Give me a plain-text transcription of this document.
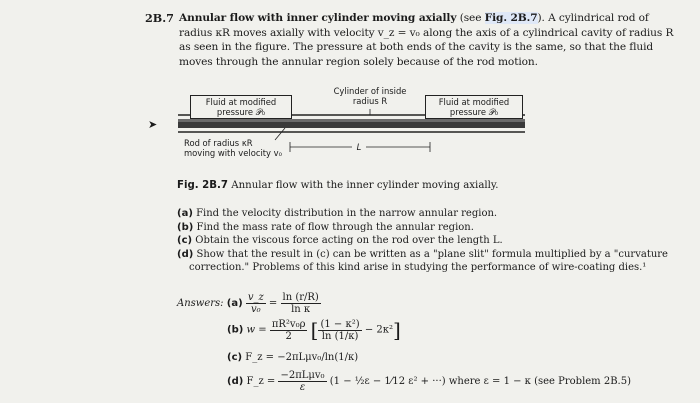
2B.7 Annular flow with inner cylinder moving axially (see Fig. 2B.7). A cylindrical rod of radius κR moves axially with velocity v_z = v₀ along the axis of a cylindrical cavity of radius R as seen in the figure. The pressure at both ends of the cavity is the same, so that the fluid moves through the annular region solely because of the rod motion.
➤
Fluid at modified pressure 𝒫₀
Cylinder of inside radius R	Fluid at modified pressure 𝒫₀
Rod of radius κR moving with velocity v₀
L
Fig. 2B.7 Annular flow with the inner cylinder moving axially.
(a) Find the velocity distribution in the narrow annular region.
(b) Find the mass rate of flow through the annular region.
(c) Obtain the viscous force acting on the rod over the length L.
(d) Show that the result in (c) can be written as a "plane slit" formula multiplied by a "curvature correction." Problems of this kind arise in studying the performance of wire-coating dies.¹
Answers: $(a) \frac{v\_z}{\text{v₀}} = \frac{\ln (r/R)}{\text{ln κ}}$
(b) $w = \frac{\text{πR²v₀ρ}}{2}$ [ $\frac{\text{(1 − κ²)}}{\ln (1/\kappa)} - 2\kappa^2$]
(c) F_z = −2πLμv₀/ln(1/κ)
(d) F_z = $\frac{\text{−2πLμv₀}}{\varepsilon} (1$ − ½ε − 1⁄12 ε² + ···) where ε = 1 − κ (see Problem 2B.5)
